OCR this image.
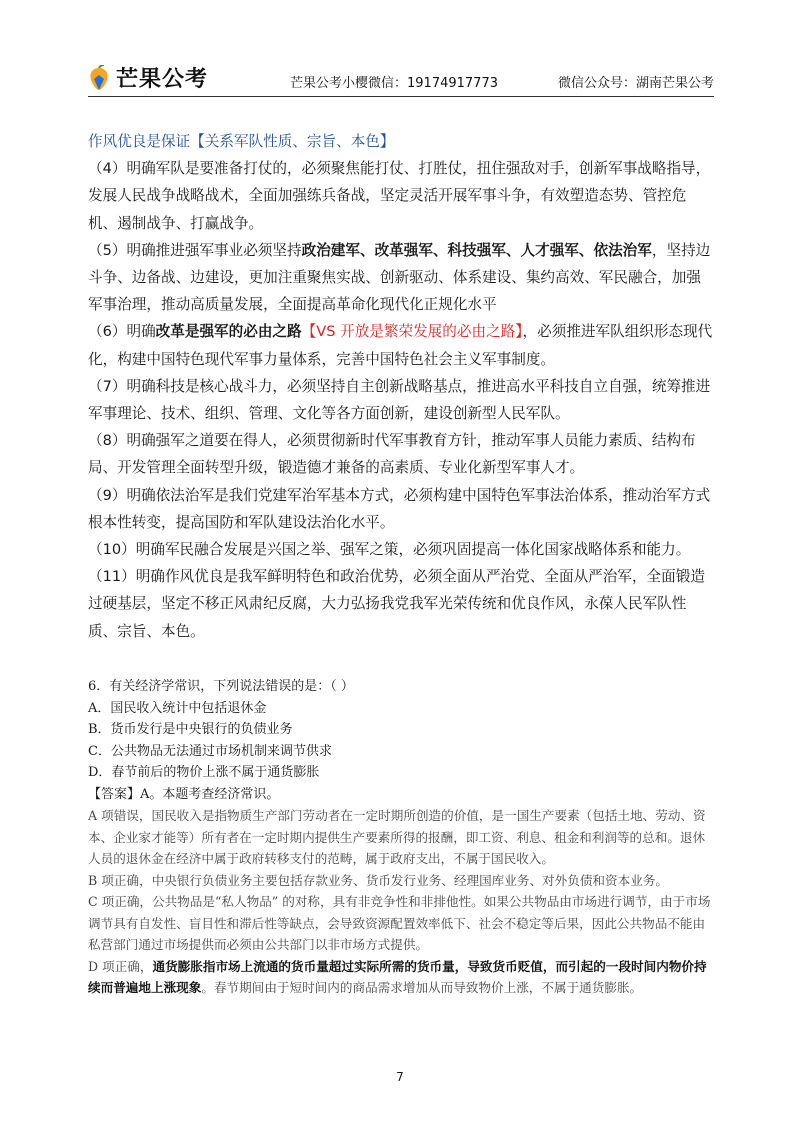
芒果公考	芒果公考小樱微信：19174917773	微信公众号：湖南芒果公考

作风优良是保证【关系军队性质、宗旨、本色】

（4）明确军队是要准备打仗的，必须聚焦能打仗、打胜仗，扭住强敌对手，创新军事战略指导，发展人民战争战略战术，全面加强练兵备战，坚定灵活开展军事斗争，有效塑造态势、管控危机、遏制战争、打赢战争。

（5）明确推进强军事业必须坚持政治建军、改革强军、科技强军、人才强军、依法治军，坚持边斗争、边备战、边建设，更加注重聚焦实战、创新驱动、体系建设、集约高效、军民融合，加强军事治理，推动高质量发展，全面提高革命化现代化正规化水平

（6）明确改革是强军的必由之路【VS 开放是繁荣发展的必由之路】，必须推进军队组织形态现代化，构建中国特色现代军事力量体系，完善中国特色社会主义军事制度。

（7）明确科技是核心战斗力，必须坚持自主创新战略基点，推进高水平科技自立自强，统筹推进军事理论、技术、组织、管理、文化等各方面创新，建设创新型人民军队。

（8）明确强军之道要在得人，必须贯彻新时代军事教育方针，推动军事人员能力素质、结构布局、开发管理全面转型升级，锻造德才兼备的高素质、专业化新型军事人才。

（9）明确依法治军是我们党建军治军基本方式，必须构建中国特色军事法治体系，推动治军方式根本性转变，提高国防和军队建设法治化水平。

（10）明确军民融合发展是兴国之举、强军之策，必须巩固提高一体化国家战略体系和能力。

（11）明确作风优良是我军鲜明特色和政治优势，必须全面从严治党、全面从严治军，全面锻造过硬基层，坚定不移正风肃纪反腐，大力弘扬我党我军光荣传统和优良作风，永葆人民军队性质、宗旨、本色。

6．有关经济学常识，下列说法错误的是：（ ）

A．国民收入统计中包括退休金

B．货币发行是中央银行的负债业务

C．公共物品无法通过市场机制来调节供求

D．春节前后的物价上涨不属于通货膨胀

【答案】A。本题考查经济常识。

A 项错误，国民收入是指物质生产部门劳动者在一定时期所创造的价值，是一国生产要素（包括土地、劳动、资本、企业家才能等）所有者在一定时期内提供生产要素所得的报酬，即工资、利息、租金和利润等的总和。退休人员的退休金在经济中属于政府转移支付的范畴，属于政府支出，不属于国民收入。

B 项正确，中央银行负债业务主要包括存款业务、货币发行业务、经理国库业务、对外负债和资本业务。

C 项正确，公共物品是“私人物品” 的对称，具有非竞争性和非排他性。如果公共物品由市场进行调节，由于市场调节具有自发性、盲目性和滞后性等缺点，会导致资源配置效率低下、社会不稳定等后果，因此公共物品不能由私营部门通过市场提供而必须由公共部门以非市场方式提供。

D 项正确，通货膨胀指市场上流通的货币量超过实际所需的货币量，导致货币贬值，而引起的一段时间内物价持续而普遍地上涨现象。春节期间由于短时间内的商品需求增加从而导致物价上涨，不属于通货膨胀。

7
